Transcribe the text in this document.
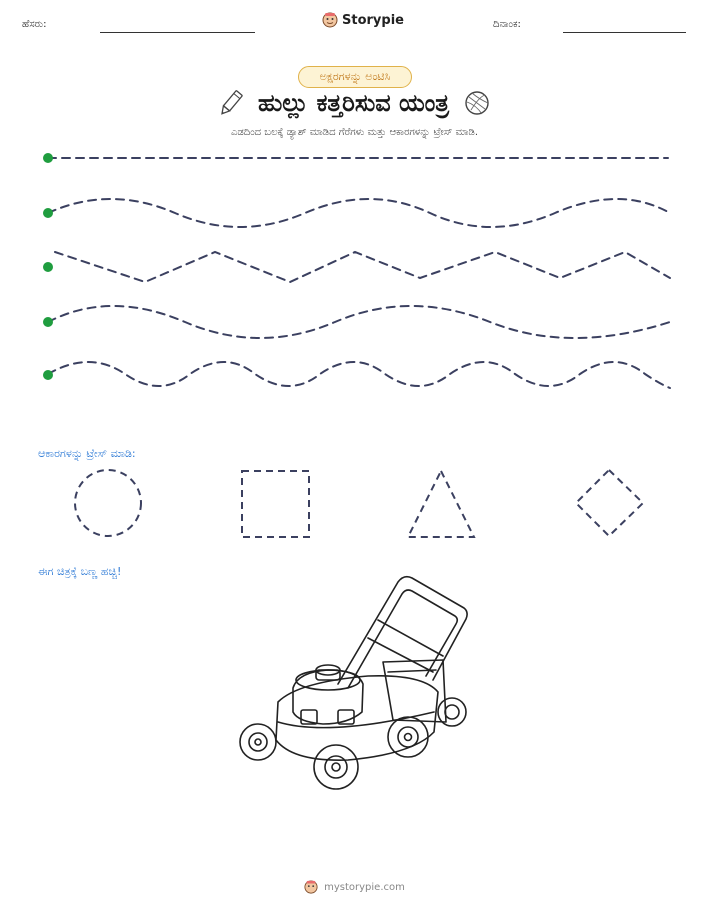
ಹೆಸರು:	Storypie	ದಿನಾಂಕ:
ಅಕ್ಷರಗಳನ್ನು ಅಂಟಿಸಿ
ಹುಲ್ಲು ಕತ್ತರಿಸುವ ಯಂತ್ರ
ಎಡದಿಂದ ಬಲಕ್ಕೆ ಡ್ಯಾಶ್ ಮಾಡಿದ ಗೆರೆಗಳು ಮತ್ತು ಆಕಾರಗಳನ್ನು ಟ್ರೇಸ್ ಮಾಡಿ.
ಆಕಾರಗಳನ್ನು ಟ್ರೇಸ್ ಮಾಡಿ:
ಈಗ ಚಿತ್ರಕ್ಕೆ ಬಣ್ಣ ಹಚ್ಚಿ!
mystorypie.com
